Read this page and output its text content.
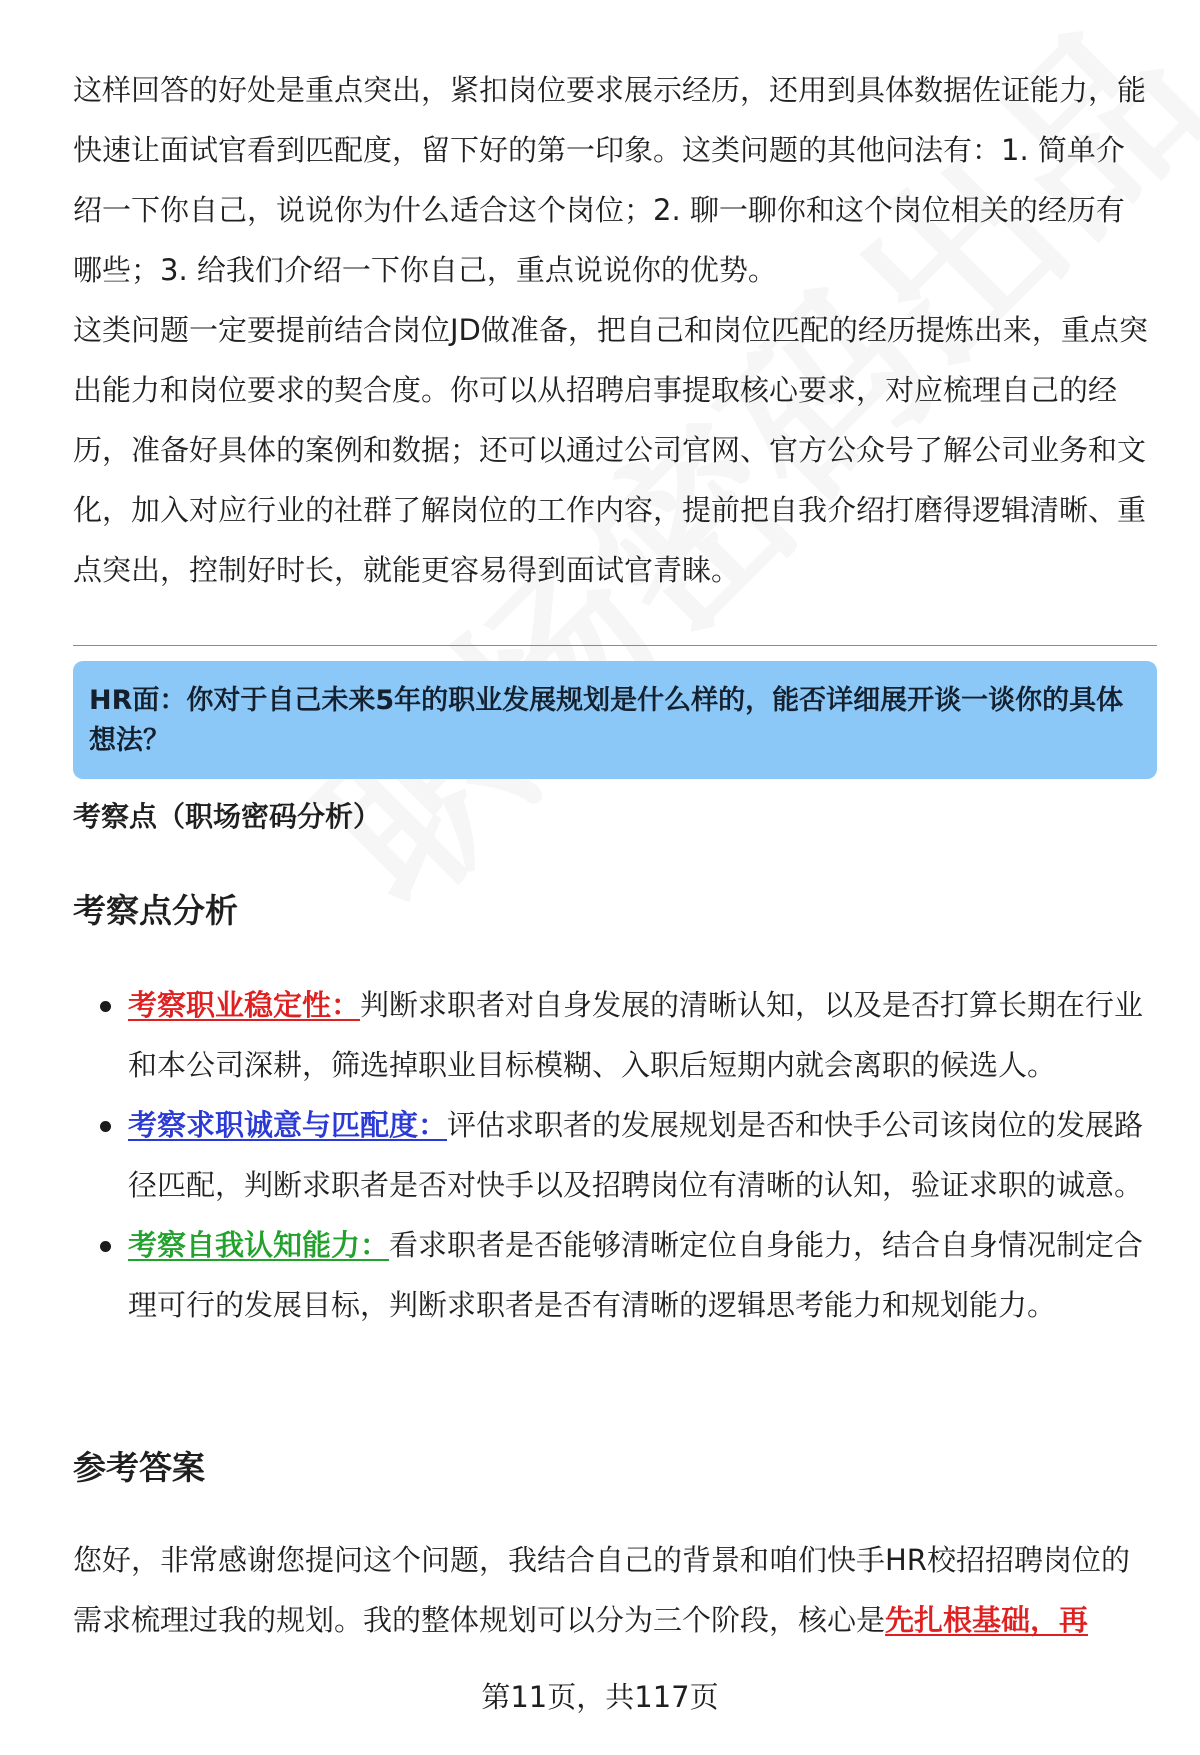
这样回答的好处是重点突出，紧扣岗位要求展示经历，还用到具体数据佐证能力，能快速让面试官看到匹配度，留下好的第一印象。这类问题的其他问法有：1. 简单介绍一下你自己，说说你为什么适合这个岗位；2. 聊一聊你和这个岗位相关的经历有哪些；3. 给我们介绍一下你自己，重点说说你的优势。

这类问题一定要提前结合岗位JD做准备，把自己和岗位匹配的经历提炼出来，重点突出能力和岗位要求的契合度。你可以从招聘启事提取核心要求，对应梳理自己的经历，准备好具体的案例和数据；还可以通过公司官网、官方公众号了解公司业务和文化，加入对应行业的社群了解岗位的工作内容，提前把自我介绍打磨得逻辑清晰、重点突出，控制好时长，就能更容易得到面试官青睐。

HR面：你对于自己未来5年的职业发展规划是什么样的，能否详细展开谈一谈你的具体想法？
考察点（职场密码分析）
考察点分析
考察职业稳定性：判断求职者对自身发展的清晰认知，以及是否打算长期在行业和本公司深耕，筛选掉职业目标模糊、入职后短期内就会离职的候选人。
考察求职诚意与匹配度：评估求职者的发展规划是否和快手公司该岗位的发展路径匹配，判断求职者是否对快手以及招聘岗位有清晰的认知，验证求职的诚意。
考察自我认知能力：看求职者是否能够清晰定位自身能力，结合自身情况制定合理可行的发展目标，判断求职者是否有清晰的逻辑思考能力和规划能力。
参考答案

您好，非常感谢您提问这个问题，我结合自己的背景和咱们快手HR校招招聘岗位的需求梳理过我的规划。我的整体规划可以分为三个阶段，核心是先扎根基础，再

第11页，共117页
